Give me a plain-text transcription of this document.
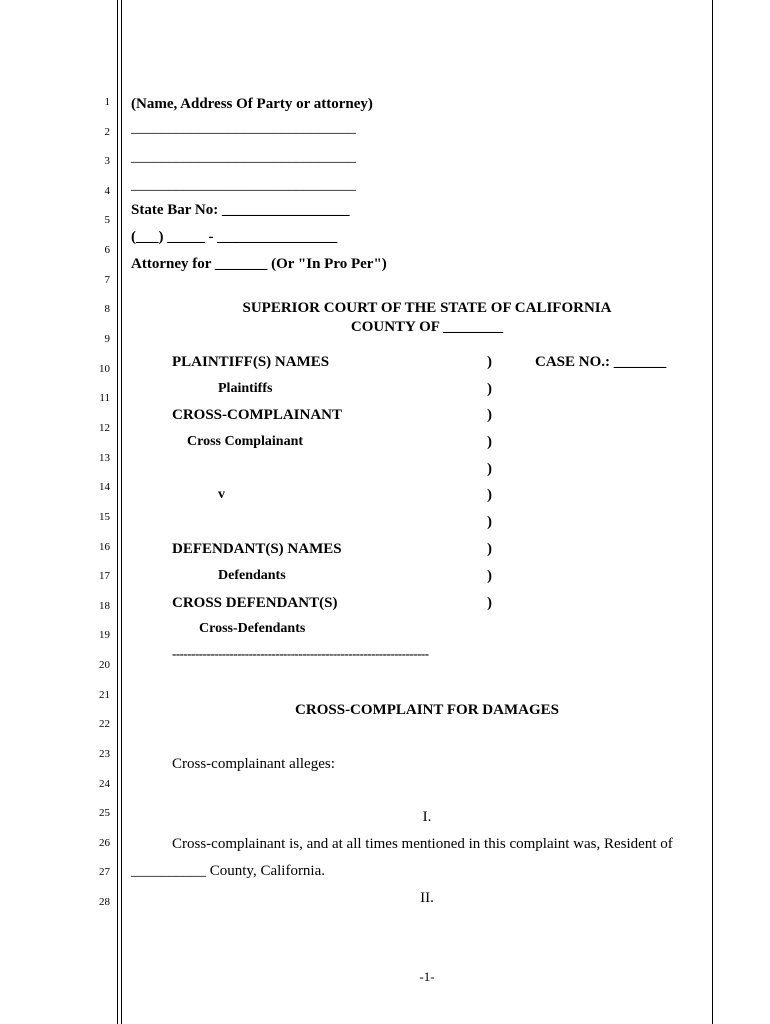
1
2
3
4
5
6
7
8
9
10
11
12
13
14
15
16
17
18
19
20
21
22
23
24
25
26
27
28
(Name, Address Of Party or attorney)
______________________________
______________________________
______________________________
State Bar No: _________________
(___) _____ - ________________
Attorney for _______ (Or "In Pro Per")
SUPERIOR COURT OF THE STATE OF CALIFORNIA
COUNTY OF ________
PLAINTIFF(S) NAMES
Plaintiffs
CROSS-COMPLAINANT
Cross Complainant
v
DEFENDANT(S) NAMES
Defendants
CROSS DEFENDANT(S)
Cross-Defendants
-------------------------------------------------------------------
)
)
)
)
)
)
)
)
)
)
CASE NO.: _______
CROSS-COMPLAINT FOR DAMAGES
Cross-complainant alleges:
I.
Cross-complainant is, and at all times mentioned in this complaint was, Resident of
__________ County, California.
II.
-1-
